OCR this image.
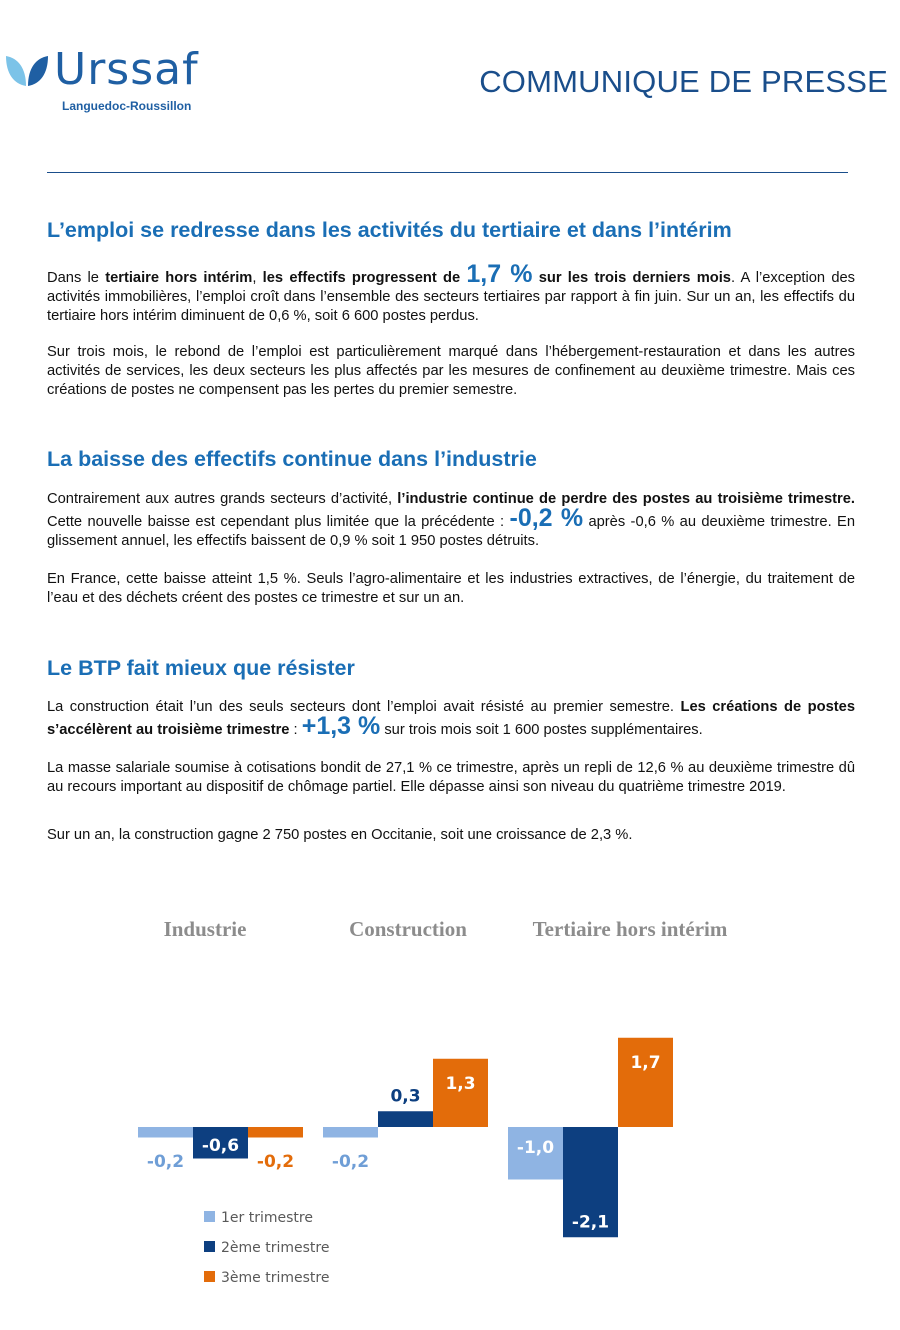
Urssaf
Languedoc-Roussillon
COMMUNIQUE DE PRESSE
L’emploi se redresse dans les activités du tertiaire et dans l’intérim

Dans le tertiaire hors intérim, les effectifs progressent de 1,7 % sur les trois derniers mois. A l’exception des activités immobilières, l’emploi croît dans l’ensemble des secteurs tertiaires par rapport à fin juin. Sur un an, les effectifs du tertiaire hors intérim diminuent de 0,6 %, soit 6 600 postes perdus.

Sur trois mois, le rebond de l’emploi est particulièrement marqué dans l’hébergement-restauration et dans les autres activités de services, les deux secteurs les plus affectés par les mesures de confinement au deuxième trimestre. Mais ces créations de postes ne compensent pas les pertes du premier semestre.

La baisse des effectifs continue dans l’industrie

Contrairement aux autres grands secteurs d’activité, l’industrie continue de perdre des postes au troisième trimestre. Cette nouvelle baisse est cependant plus limitée que la précédente : -0,2 % après -0,6 % au deuxième trimestre. En glissement annuel, les effectifs baissent de 0,9 % soit 1 950 postes détruits.

En France, cette baisse atteint 1,5 %. Seuls l’agro-alimentaire et les industries extractives, de l’énergie, du traitement de l’eau et des déchets créent des postes ce trimestre et sur un an.

Le BTP fait mieux que résister

La construction était l’un des seuls secteurs dont l’emploi avait résisté au premier semestre. Les créations de postes s’accélèrent au troisième trimestre : +1,3 % sur trois mois soit 1 600 postes supplémentaires.

La masse salariale soumise à cotisations bondit de 27,1 % ce trimestre, après un repli de 12,6 % au deuxième trimestre dû au recours important au dispositif de chômage partiel. Elle dépasse ainsi son niveau du quatrième trimestre 2019.

Sur un an, la construction gagne 2 750 postes en Occitanie, soit une croissance de 2,3 %.

Industrie
-0,2
-0,6
-0,2
Construction
-0,2
0,3
1,3
Tertiaire hors intérim
-1,0
-2,1
1,7
1er trimestre
2ème trimestre
3ème trimestre
